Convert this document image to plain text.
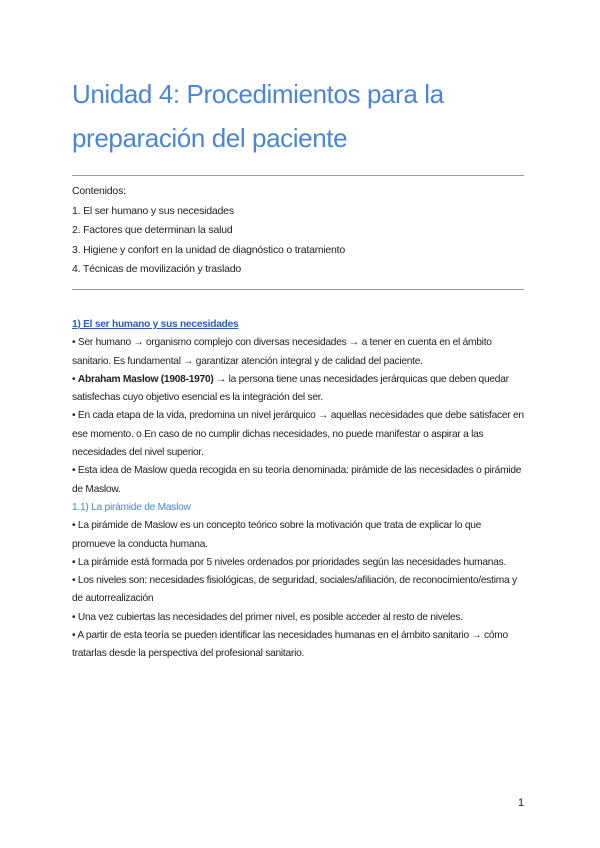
Unidad 4: Procedimientos para la preparación del paciente
Contenidos:
1. El ser humano y sus necesidades
2. Factores que determinan la salud
3. Higiene y confort en la unidad de diagnóstico o tratamiento
4. Técnicas de movilización y traslado

1) El ser humano y sus necesidades

• Ser humano → organismo complejo con diversas necesidades → a tener en cuenta en el ámbito sanitario. Es fundamental → garantizar atención integral y de calidad del paciente.

• Abraham Maslow (1908-1970) → la persona tiene unas necesidades jerárquicas que deben quedar satisfechas cuyo objetivo esencial es la integración del ser.

• En cada etapa de la vida, predomina un nivel jerárquico → aquellas necesidades que debe satisfacer en ese momento. o En caso de no cumplir dichas necesidades, no puede manifestar o aspirar a las necesidades del nivel superior.

• Esta idea de Maslow queda recogida en su teoría denominada: pirámide de las necesidades o pirámide de Maslow.

1.1) La pirámide de Maslow

• La pirámide de Maslow es un concepto teórico sobre la motivación que trata de explicar lo que

promueve la conducta humana.

• La pirámide está formada por 5 niveles ordenados por prioridades según las necesidades humanas.

• Los niveles son: necesidades fisiológicas, de seguridad, sociales/afiliación, de reconocimiento/estima y de autorrealización

• Una vez cubiertas las necesidades del primer nivel, es posible acceder al resto de niveles.

• A partir de esta teoría se pueden identificar las necesidades humanas en el ámbito sanitario → cómo tratarlas desde la perspectiva del profesional sanitario.

1
